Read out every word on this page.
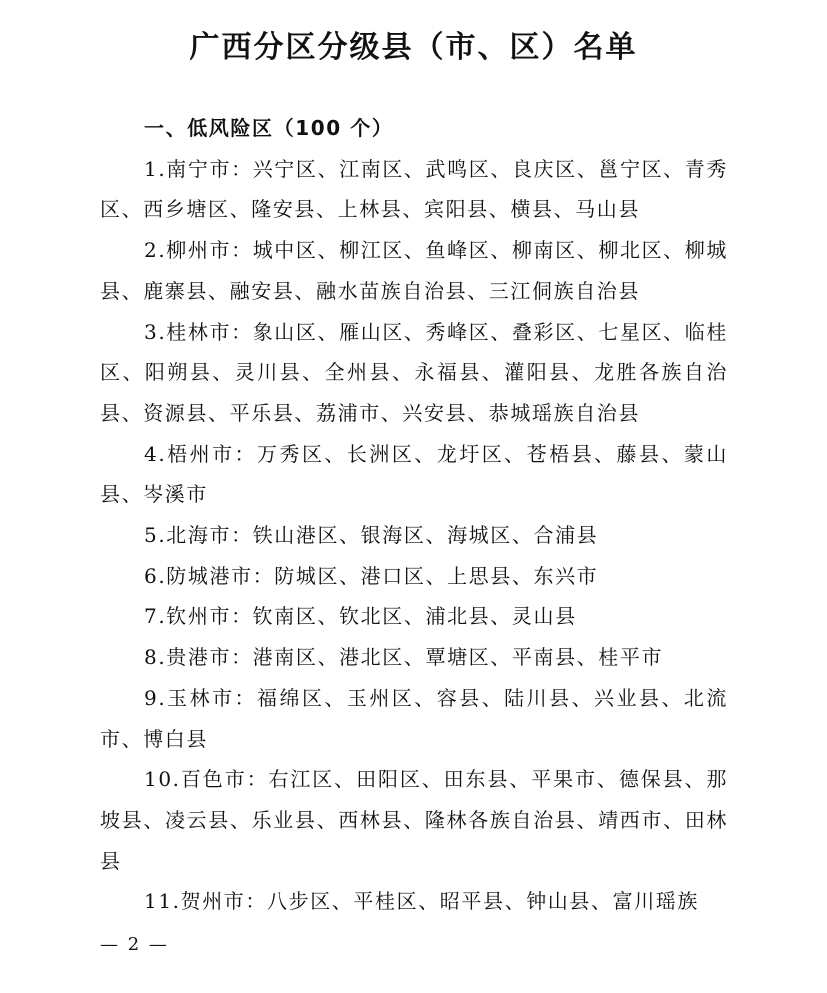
广西分区分级县（市、区）名单

一、低风险区（100 个）

1.南宁市：兴宁区、江南区、武鸣区、良庆区、邕宁区、青秀区、西乡塘区、隆安县、上林县、宾阳县、横县、马山县

2.柳州市：城中区、柳江区、鱼峰区、柳南区、柳北区、柳城县、鹿寨县、融安县、融水苗族自治县、三江侗族自治县

3.桂林市：象山区、雁山区、秀峰区、叠彩区、七星区、临桂区、阳朔县、灵川县、全州县、永福县、灌阳县、龙胜各族自治县、资源县、平乐县、荔浦市、兴安县、恭城瑶族自治县

4.梧州市：万秀区、长洲区、龙圩区、苍梧县、藤县、蒙山县、岑溪市

5.北海市：铁山港区、银海区、海城区、合浦县

6.防城港市：防城区、港口区、上思县、东兴市

7.钦州市：钦南区、钦北区、浦北县、灵山县

8.贵港市：港南区、港北区、覃塘区、平南县、桂平市

9.玉林市：福绵区、玉州区、容县、陆川县、兴业县、北流市、博白县

10.百色市：右江区、田阳区、田东县、平果市、德保县、那坡县、凌云县、乐业县、西林县、隆林各族自治县、靖西市、田林县

11.贺州市：八步区、平桂区、昭平县、钟山县、富川瑶族

— 2 —
